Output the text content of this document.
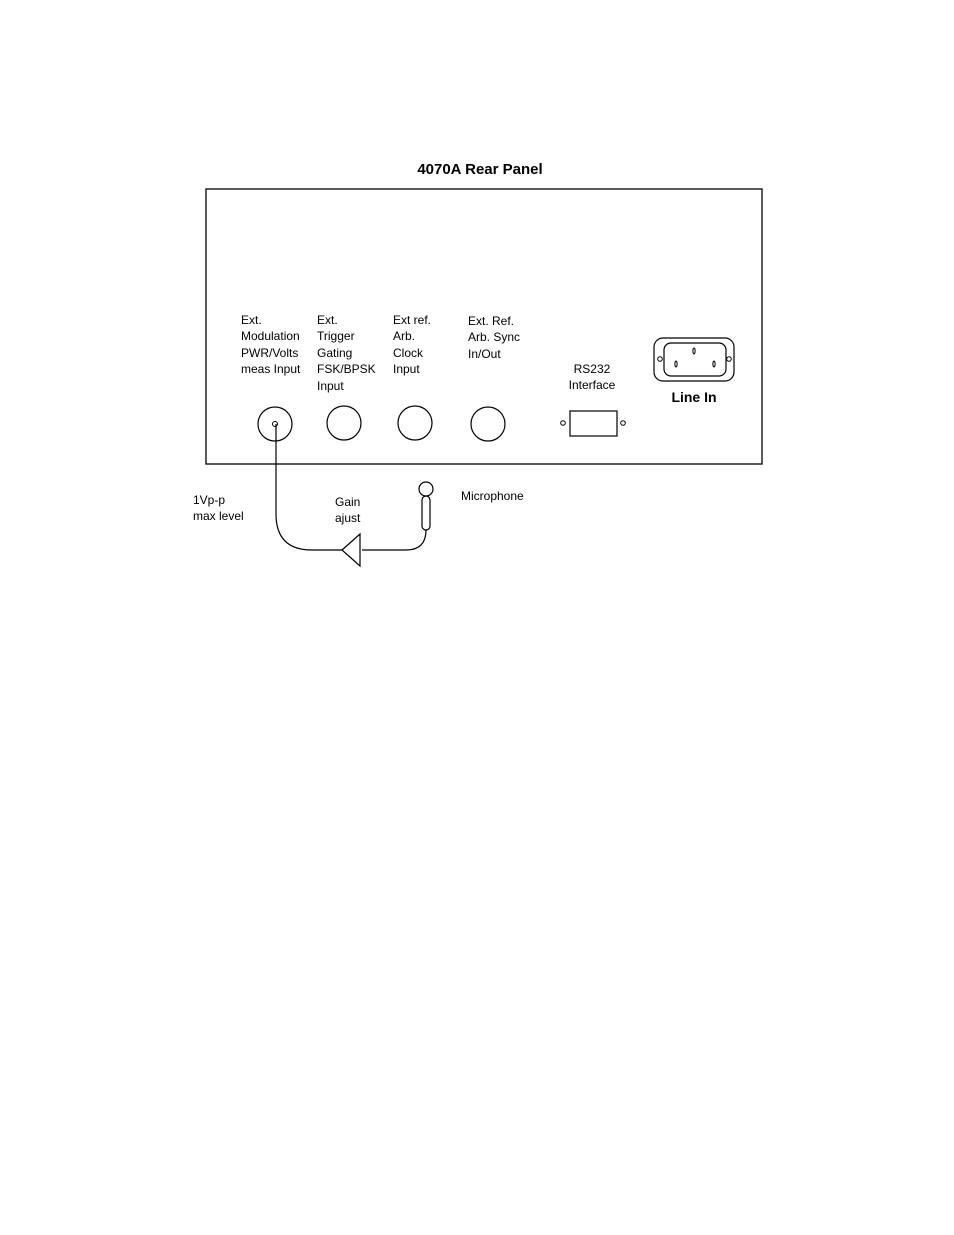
4070A Rear Panel
Ext.
Modulation
PWR/Volts
meas Input
Ext.
Trigger
Gating
FSK/BPSK
Input
Ext ref.
Arb.
Clock
Input
Ext. Ref.
Arb. Sync
In/Out
RS232
Interface
Line In
1Vp-p
max level
Gain
ajust
Microphone
